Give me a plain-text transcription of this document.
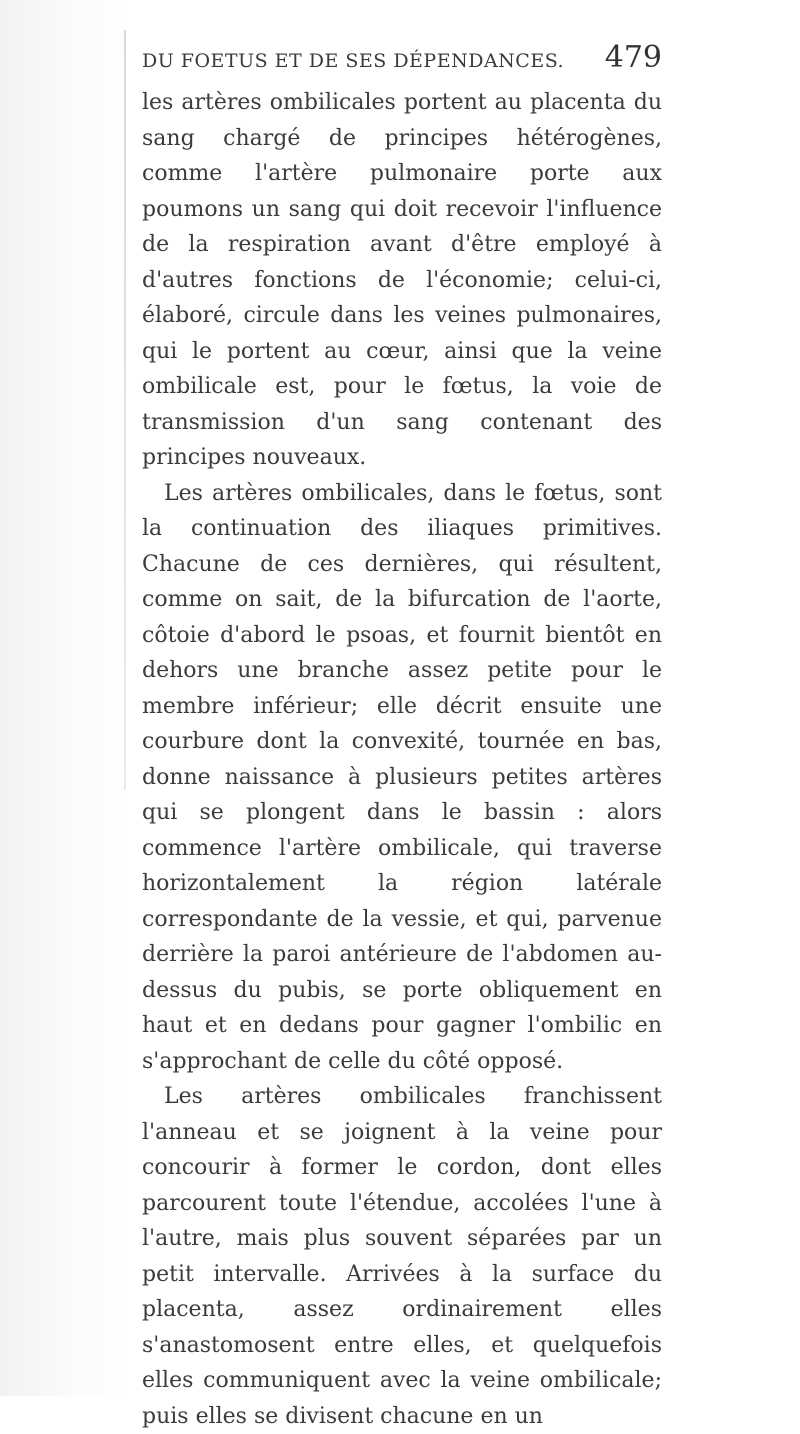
DU FOETUS ET DE SES DÉPENDANCES. 479

les artères ombilicales portent au placenta du sang chargé de principes hétérogènes, comme l'artère pulmonaire porte aux poumons un sang qui doit recevoir l'influence de la respiration avant d'être employé à d'autres fonctions de l'économie; celui-ci, élaboré, circule dans les veines pulmonaires, qui le portent au cœur, ainsi que la veine ombilicale est, pour le fœtus, la voie de transmission d'un sang contenant des principes nouveaux.

Les artères ombilicales, dans le fœtus, sont la continuation des iliaques primitives. Chacune de ces dernières, qui résultent, comme on sait, de la bifurcation de l'aorte, côtoie d'abord le psoas, et fournit bientôt en dehors une branche assez petite pour le membre inférieur; elle décrit ensuite une courbure dont la convexité, tournée en bas, donne naissance à plusieurs petites artères qui se plongent dans le bassin : alors commence l'artère ombilicale, qui traverse horizontalement la région latérale correspondante de la vessie, et qui, parvenue derrière la paroi antérieure de l'abdomen au-dessus du pubis, se porte obliquement en haut et en dedans pour gagner l'ombilic en s'approchant de celle du côté opposé.

Les artères ombilicales franchissent l'anneau et se joignent à la veine pour concourir à former le cordon, dont elles parcourent toute l'étendue, accolées l'une à l'autre, mais plus souvent séparées par un petit intervalle. Arrivées à la surface du placenta, assez ordinairement elles s'anastomosent entre elles, et quelquefois elles communiquent avec la veine ombilicale; puis elles se divisent chacune en un
